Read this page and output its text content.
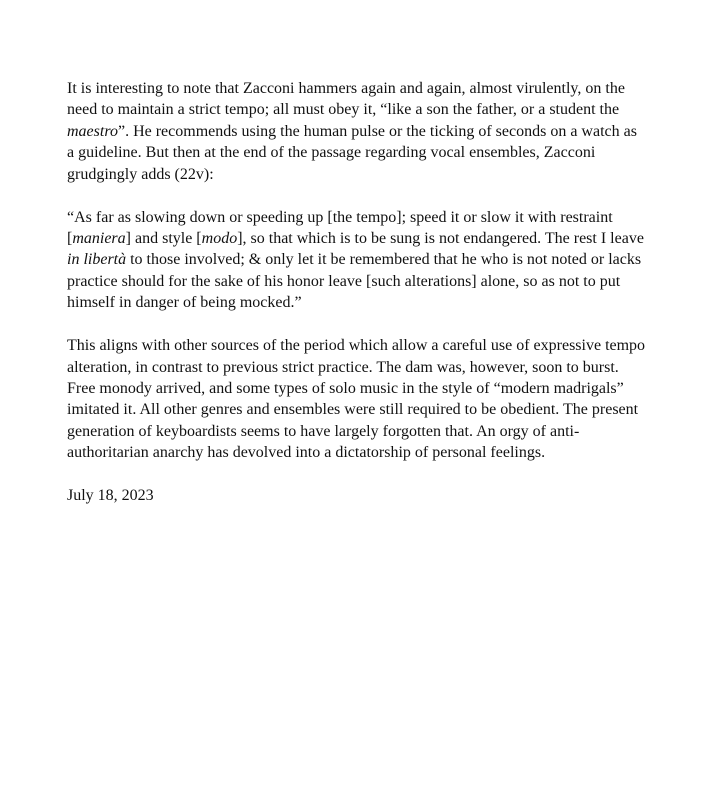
It is interesting to note that Zacconi hammers again and again, almost virulently, on the need to maintain a strict tempo; all must obey it, “like a son the father, or a student the maestro”. He recommends using the human pulse or the ticking of seconds on a watch as a guideline. But then at the end of the passage regarding vocal ensembles, Zacconi grudgingly adds (22v):

“As far as slowing down or speeding up [the tempo]; speed it or slow it with restraint [maniera] and style [modo], so that which is to be sung is not endangered. The rest I leave in libertà to those involved; & only let it be remembered that he who is not noted or lacks practice should for the sake of his honor leave [such alterations] alone, so as not to put himself in danger of being mocked.”

This aligns with other sources of the period which allow a careful use of expressive tempo alteration, in contrast to previous strict practice. The dam was, however, soon to burst. Free monody arrived, and some types of solo music in the style of “modern madrigals” imitated it. All other genres and ensembles were still required to be obedient. The present generation of keyboardists seems to have largely forgotten that. An orgy of anti-authoritarian anarchy has devolved into a dictatorship of personal feelings.

July 18, 2023
